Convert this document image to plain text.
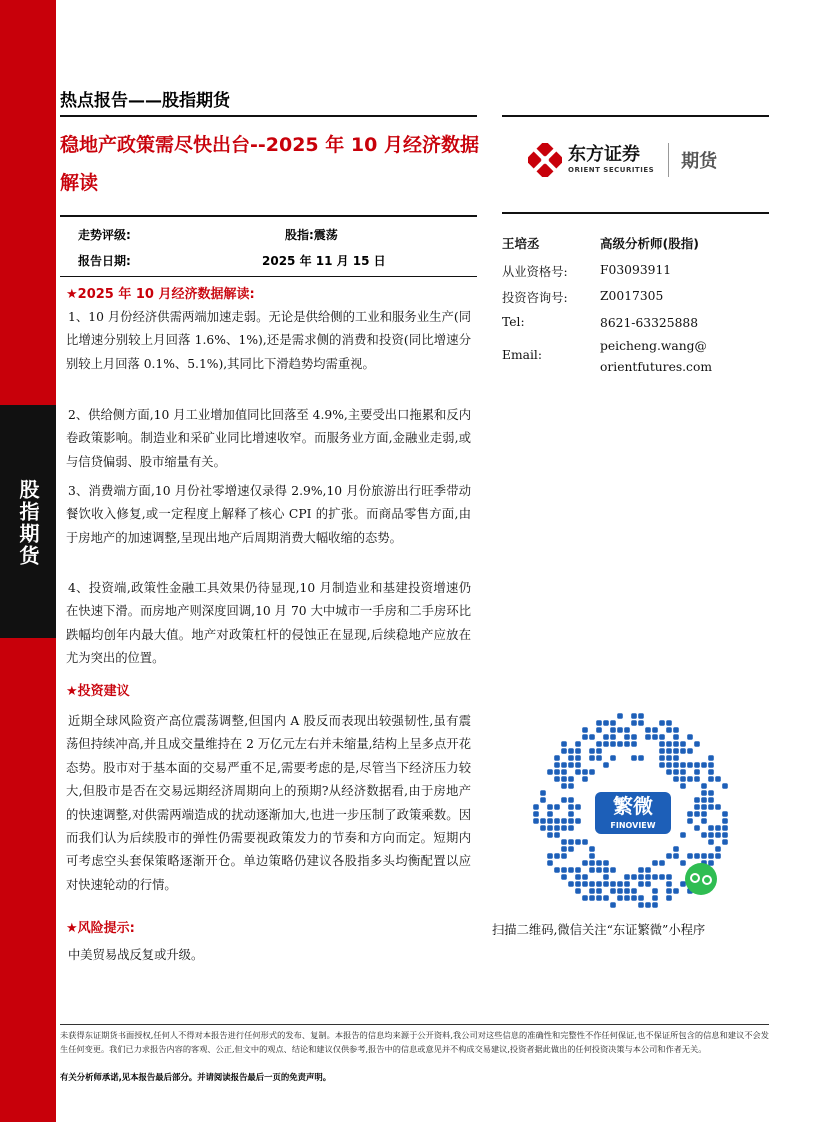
股指期货
热点报告——股指期货
稳地产政策需尽快出台--2025 年 10 月经济数据解读
东方证券
ORIENT SECURITIES 期货
走势评级:	股指:震荡
报告日期:	2025 年 11 月 15 日
★2025 年 10 月经济数据解读:
1、10 月份经济供需两端加速走弱。无论是供给侧的工业和服务业生产(同比增速分别较上月回落 1.6%、1%),还是需求侧的消费和投资(同比增速分别较上月回落 0.1%、5.1%),其同比下滑趋势均需重视。
2、供给侧方面,10 月工业增加值同比回落至 4.9%,主要受出口拖累和反内卷政策影响。制造业和采矿业同比增速收窄。而服务业方面,金融业走弱,或与信贷偏弱、股市缩量有关。
3、消费端方面,10 月份社零增速仅录得 2.9%,10 月份旅游出行旺季带动餐饮收入修复,或一定程度上解释了核心 CPI 的扩张。而商品零售方面,由于房地产的加速调整,呈现出地产后周期消费大幅收缩的态势。
4、投资端,政策性金融工具效果仍待显现,10 月制造业和基建投资增速仍在快速下滑。而房地产则深度回调,10 月 70 大中城市一手房和二手房环比跌幅均创年内最大值。地产对政策杠杆的侵蚀正在显现,后续稳地产应放在尤为突出的位置。
★投资建议
近期全球风险资产高位震荡调整,但国内 A 股反而表现出较强韧性,虽有震荡但持续冲高,并且成交量维持在 2 万亿元左右并未缩量,结构上呈多点开花态势。股市对于基本面的交易严重不足,需要考虑的是,尽管当下经济压力较大,但股市是否在交易远期经济周期向上的预期?从经济数据看,由于房地产的快速调整,对供需两端造成的扰动逐渐加大,也进一步压制了政策乘数。因而我们认为后续股市的弹性仍需要视政策发力的节奏和方向而定。短期内可考虑空头套保策略逐渐开仓。单边策略仍建议各股指多头均衡配置以应对快速轮动的行情。
★风险提示:
中美贸易战反复或升级。
王培丞	高级分析师(股指)
从业资格号:	F03093911
投资咨询号:	Z0017305
Tel:	8621-63325888
Email:
peicheng.wang@
orientfutures.com
繁微
FINOVIEW
扫描二维码,微信关注“东证繁微”小程序
未获得东证期货书面授权,任何人不得对本报告进行任何形式的发布、复制。本报告的信息均来源于公开资料,我公司对这些信息的准确性和完整性不作任何保证,也不保证所包含的信息和建议不会发生任何变更。我们已力求报告内容的客观、公正,但文中的观点、结论和建议仅供参考,报告中的信息或意见并不构成交易建议,投资者据此做出的任何投资决策与本公司和作者无关。
有关分析师承诺,见本报告最后部分。并请阅读报告最后一页的免责声明。
